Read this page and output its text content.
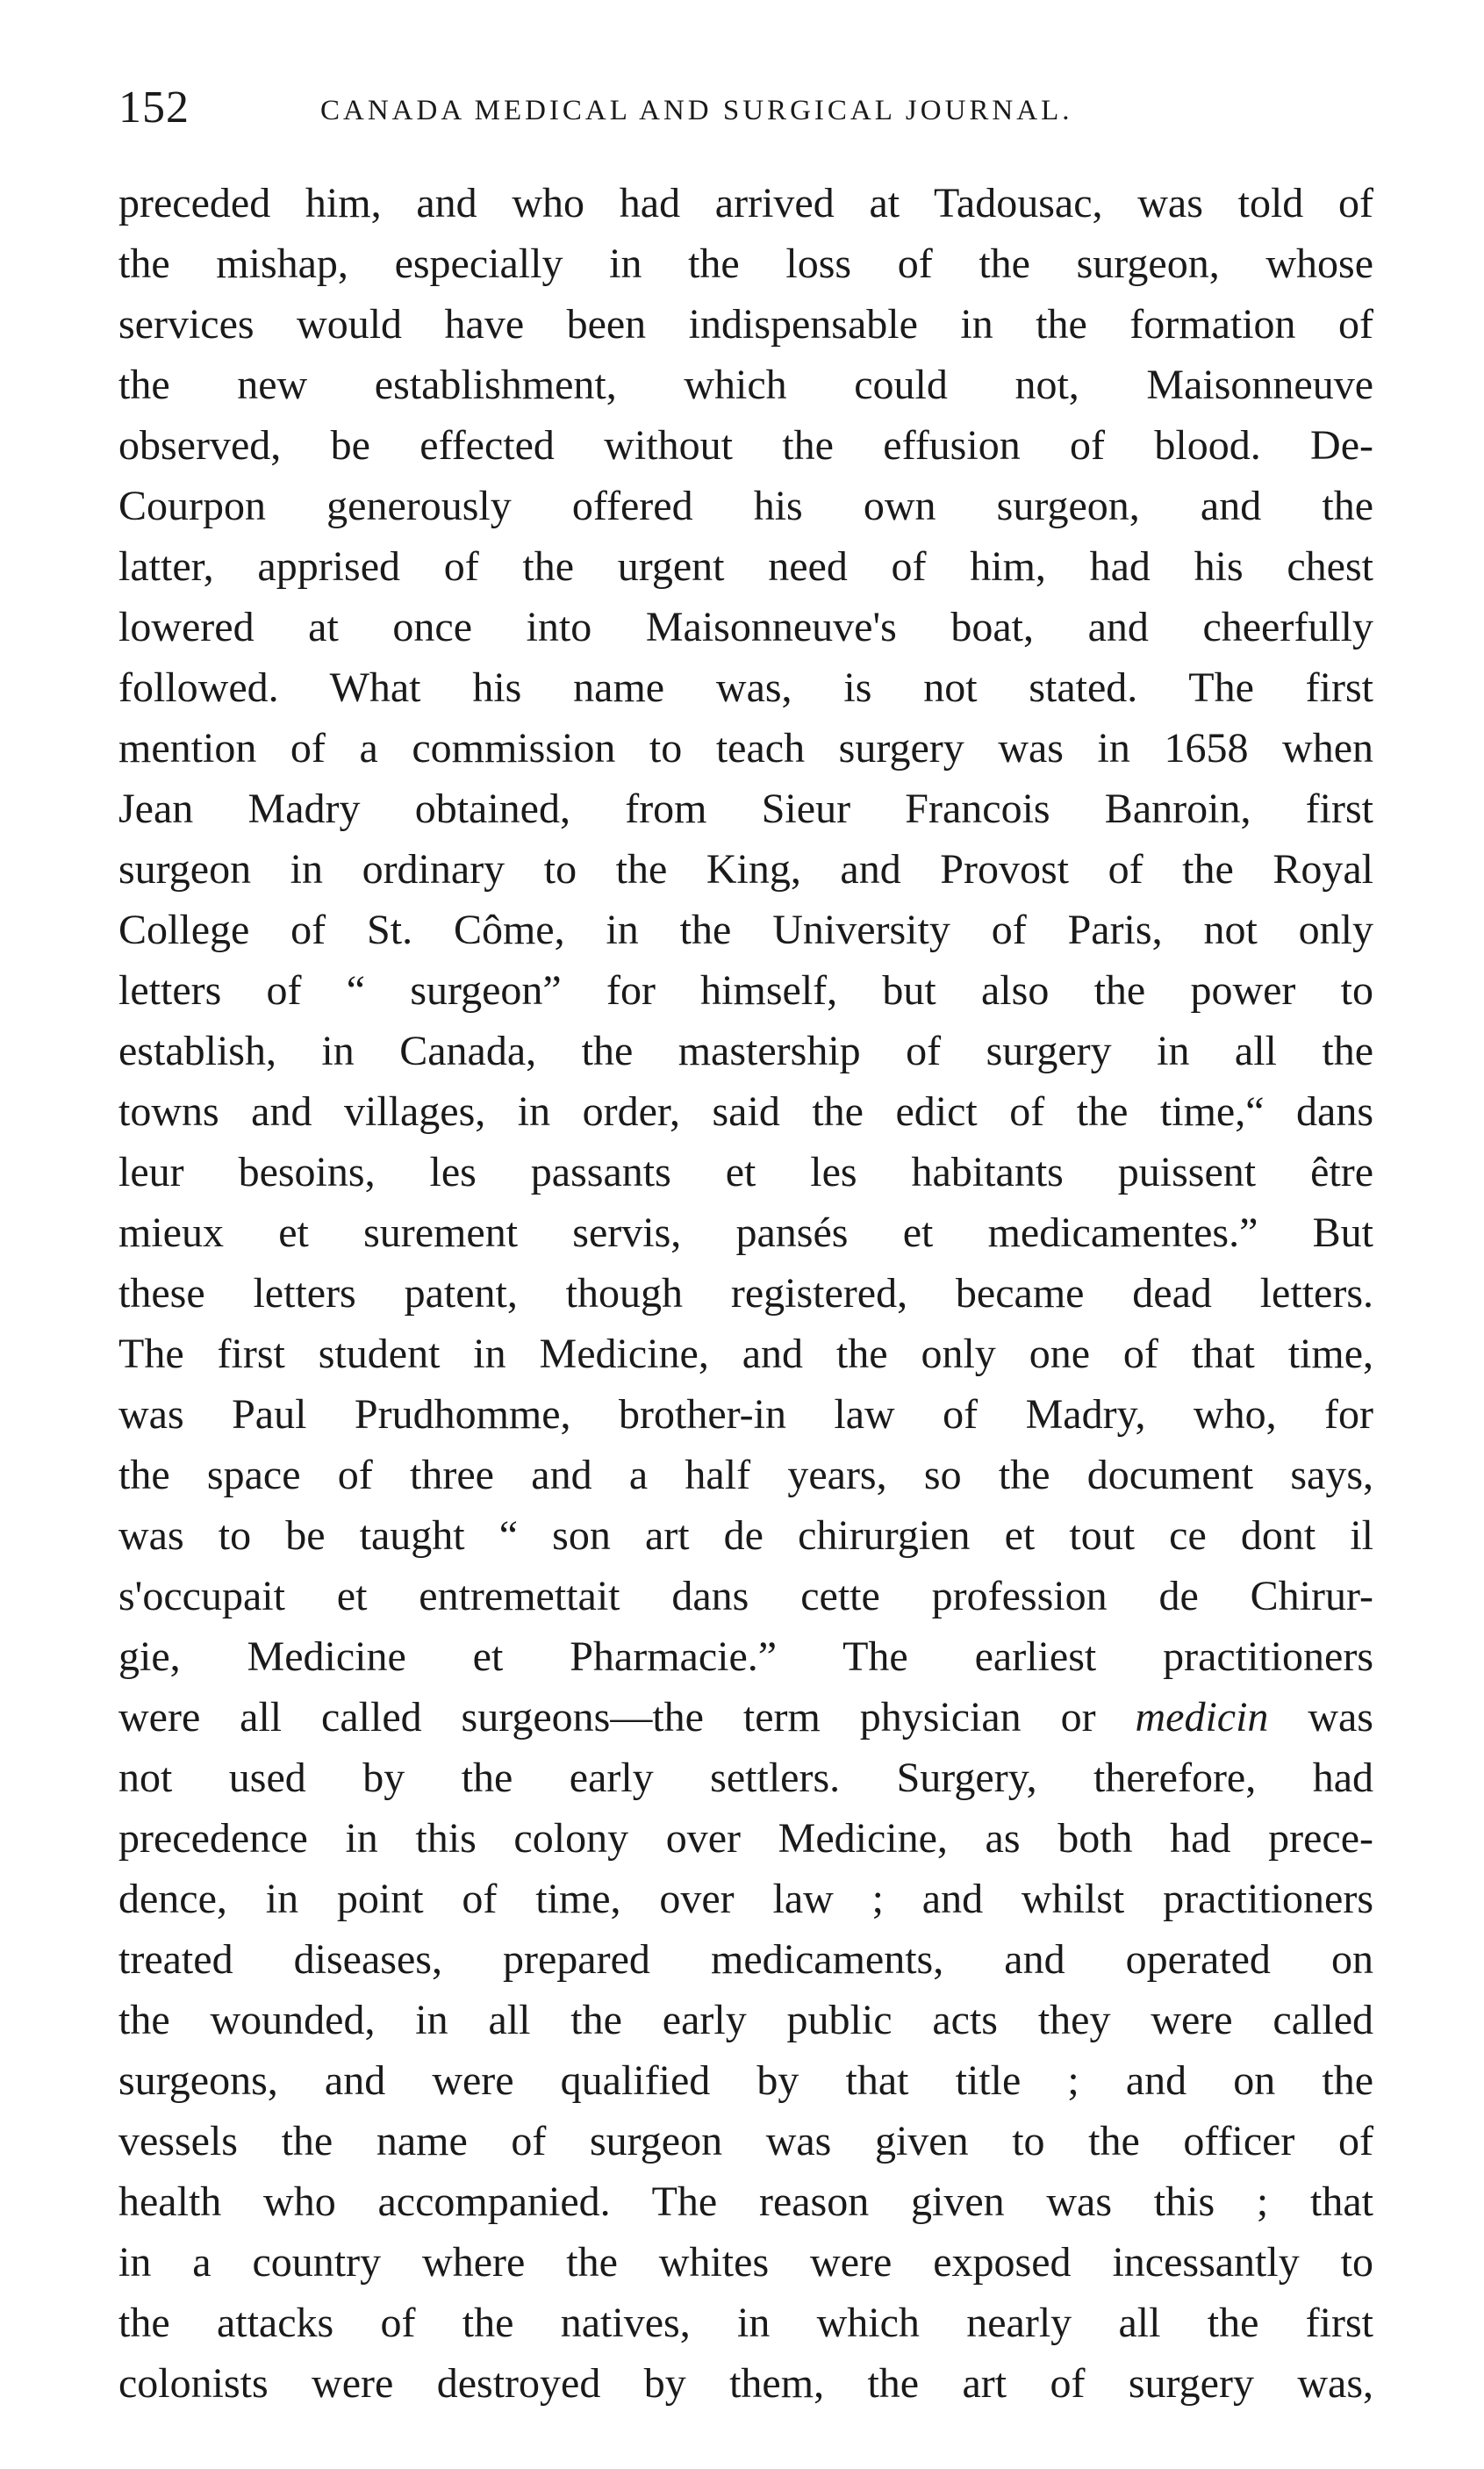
152	CANADA MEDICAL AND SURGICAL JOURNAL.
preceded him, and who had arrived at Tadousac, was told of
the mishap, especially in the loss of the surgeon, whose
services would have been indispensable in the formation of
the new establishment, which could not, Maisonneuve
observed, be effected without the effusion of blood. De-
Courpon generously offered his own surgeon, and the
latter, apprised of the urgent need of him, had his chest
lowered at once into Maisonneuve's boat, and cheerfully
followed. What his name was, is not stated. The first
mention of a commission to teach surgery was in 1658 when
Jean Madry obtained, from Sieur Francois Banroin, first
surgeon in ordinary to the King, and Provost of the Royal
College of St. Côme, in the University of Paris, not only
letters of “ surgeon” for himself, but also the power to
establish, in Canada, the mastership of surgery in all the
towns and villages, in order, said the edict of the time,“ dans
leur besoins, les passants et les habitants puissent être
mieux et surement servis, pansés et medicamentes.” But
these letters patent, though registered, became dead letters.
The first student in Medicine, and the only one of that time,
was Paul Prudhomme, brother-in law of Madry, who, for
the space of three and a half years, so the document says,
was to be taught “ son art de chirurgien et tout ce dont il
s'occupait et entremettait dans cette profession de Chirur-
gie, Medicine et Pharmacie.” The earliest practitioners
were all called surgeons—the term physician or medicin was
not used by the early settlers. Surgery, therefore, had
precedence in this colony over Medicine, as both had prece-
dence, in point of time, over law ; and whilst practitioners
treated diseases, prepared medicaments, and operated on
the wounded, in all the early public acts they were called
surgeons, and were qualified by that title ; and on the
vessels the name of surgeon was given to the officer of
health who accompanied. The reason given was this ; that
in a country where the whites were exposed incessantly to
the attacks of the natives, in which nearly all the first
colonists were destroyed by them, the art of surgery was,
